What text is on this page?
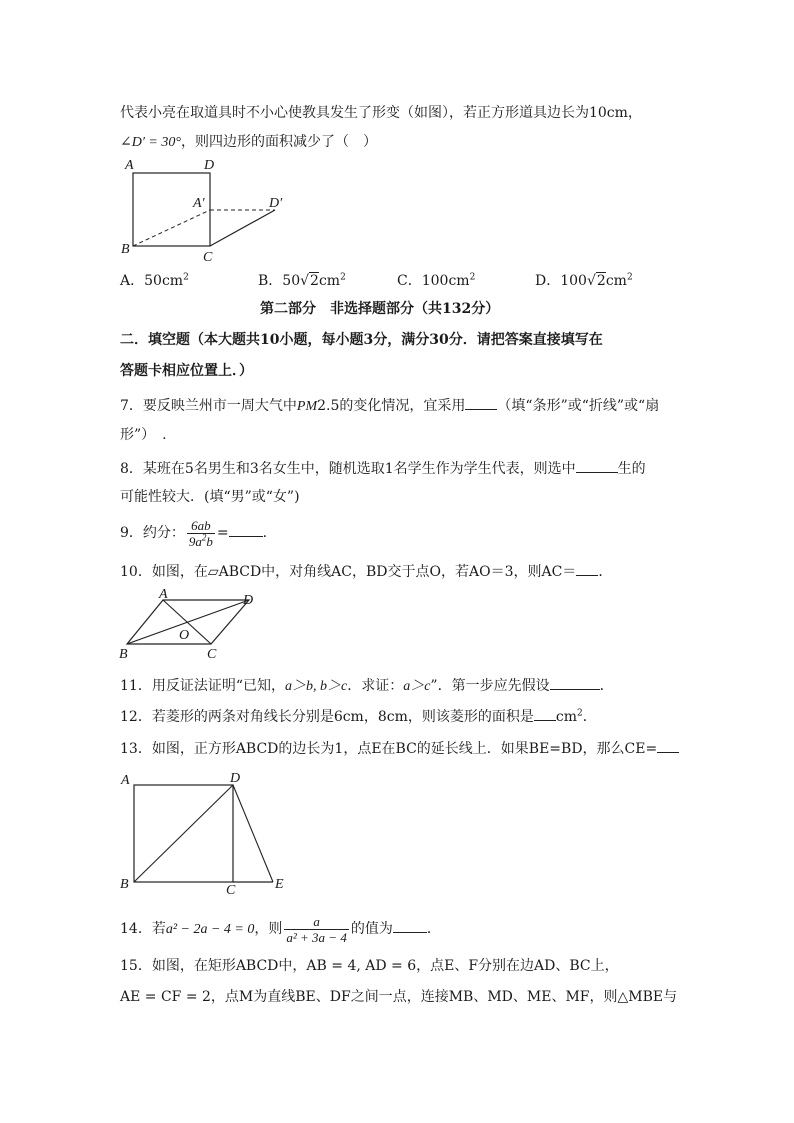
代表小亮在取道具时不小心使教具发生了形变（如图），若正方形道具边长为10cm，
∠D′ = 30°，则四边形的面积减少了（　）
A	D
A′	D′
B
C
A．$50cm^2$	B．$50√2cm^2$	C．$100cm^2$	D．$100√2cm^2$
第二部分　非选择题部分（共132分）
二．填空题（本大题共10小题，每小题3分，满分30分．请把答案直接填写在
答题卡相应位置上．）
7．要反映兰州市一周大气中PM2.5的变化情况，宜采用 （填“条形”或“折线”或“扇
形”）　.
8．某班在5名男生和3名女生中，随机选取1名学生作为学生代表，则选中	生的
可能性较大．(填“男”或“女”)
9．约分： $\frac{6ab}{9a^2b}$ = .
10．如图，在▱ABCD中，对角线AC，BD交于点O，若AO＝3，则AC＝ ．
A	D
O
B	C
11．用反证法证明“已知，a＞b, b＞c．求证：a＞c”．第一步应先假设	．
12．若菱形的两条对角线长分别是6cm，8cm，则该菱形的面积是 $cm^2$．
13．如图，正方形ABCD的边长为1，点E在BC的延长线上．如果BE=BD，那么CE=
A	D
B	C	E
14．若a² − 2a − 4 = 0，则 $\frac{a}{\text{a² + 3a − 4}}$ 的值为 ．
15．如图，在矩形ABCD中，AB = 4, AD = 6，点E、F分别在边AD、BC上，
AE = CF = 2，点M为直线BE、DF之间一点，连接MB、MD、ME、MF，则△MBE与
